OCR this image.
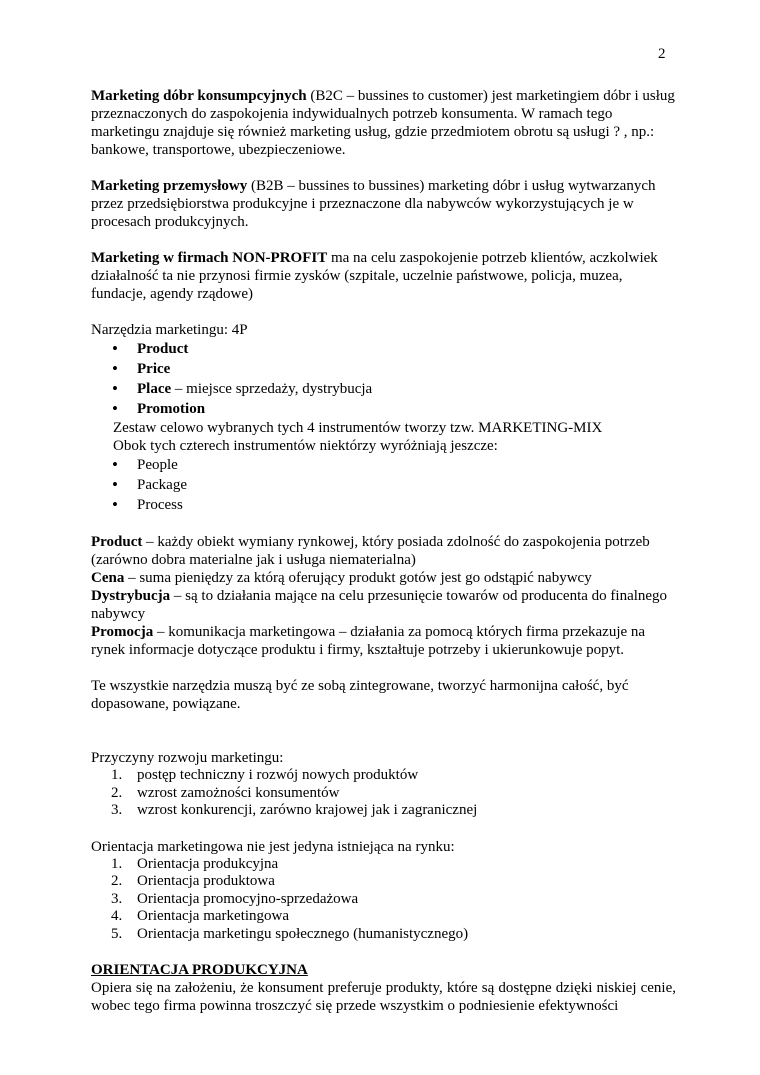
2

Marketing dóbr konsumpcyjnych (B2C – bussines to customer) jest marketingiem dóbr i usług przeznaczonych do zaspokojenia indywidualnych potrzeb konsumenta. W ramach tego marketingu znajduje się również marketing usług, gdzie przedmiotem obrotu są usługi ? , np.: bankowe, transportowe, ubezpieczeniowe.

Marketing przemysłowy (B2B – bussines to bussines) marketing dóbr i usług wytwarzanych przez przedsiębiorstwa produkcyjne i przeznaczone dla nabywców wykorzystujących je w procesach produkcyjnych.

Marketing w firmach NON-PROFIT ma na celu zaspokojenie potrzeb klientów, aczkolwiek działalność ta nie przynosi firmie zysków (szpitale, uczelnie państwowe, policja, muzea, fundacje, agendy rządowe)

Narzędzia marketingu: 4P

• Product
• Price
• Place – miejsce sprzedaży, dystrybucja
• Promotion

Zestaw celowo wybranych tych 4 instrumentów tworzy tzw. MARKETING-MIX

Obok tych czterech instrumentów niektórzy wyróżniają jeszcze:

• People
• Package
• Process

Product – każdy obiekt wymiany rynkowej, który posiada zdolność do zaspokojenia potrzeb (zarówno dobra materialne jak i usługa niematerialna)

Cena – suma pieniędzy za którą oferujący produkt gotów jest go odstąpić nabywcy

Dystrybucja – są to działania mające na celu przesunięcie towarów od producenta do finalnego nabywcy

Promocja – komunikacja marketingowa – działania za pomocą których firma przekazuje na rynek informacje dotyczące produktu i firmy, kształtuje potrzeby i ukierunkowuje popyt.

Te wszystkie narzędzia muszą być ze sobą zintegrowane, tworzyć harmonijna całość, być dopasowane, powiązane.

Przyczyny rozwoju marketingu:

1. postęp techniczny i rozwój nowych produktów
2. wzrost zamożności konsumentów
3. wzrost konkurencji, zarówno krajowej jak i zagranicznej

Orientacja marketingowa nie jest jedyna istniejąca na rynku:

1. Orientacja produkcyjna
2. Orientacja produktowa
3. Orientacja promocyjno-sprzedażowa
4. Orientacja marketingowa
5. Orientacja marketingu społecznego (humanistycznego)

ORIENTACJA PRODUKCYJNA

Opiera się na założeniu, że konsument preferuje produkty, które są dostępne dzięki niskiej cenie, wobec tego firma powinna troszczyć się przede wszystkim o podniesienie efektywności
